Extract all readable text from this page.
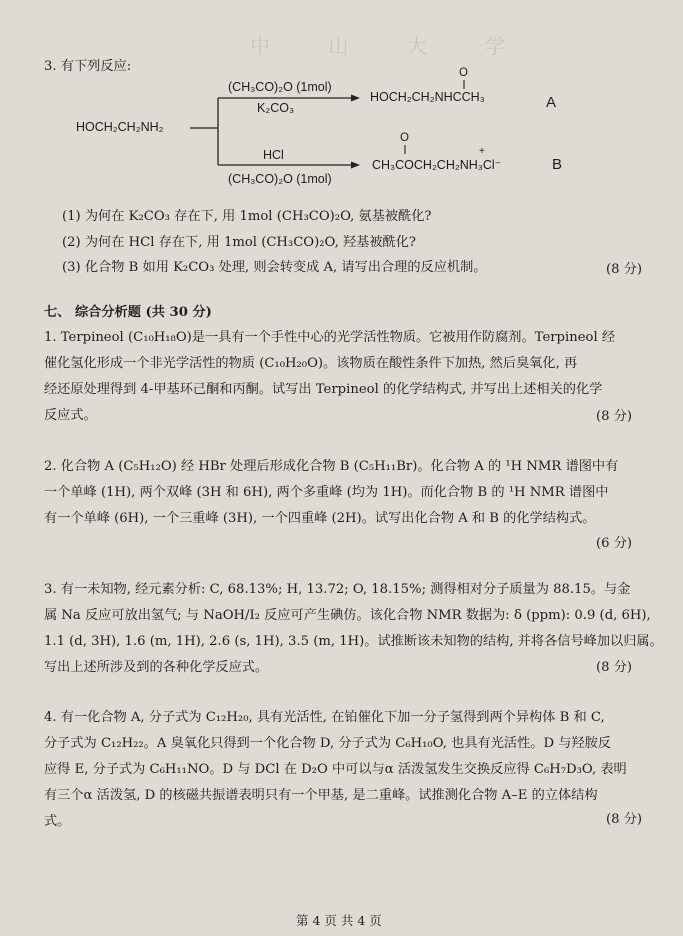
中 山 大 学
3. 有下列反应:
HOCH₂CH₂NH₂
(CH₃CO)₂O (1mol)
K₂CO₃
O
HOCH₂CH₂NHCCH₃	A
HCl
(CH₃CO)₂O (1mol)
O
+
CH₃COCH₂CH₂NH₃Cl⁻	B
(1) 为何在 K₂CO₃ 存在下, 用 1mol (CH₃CO)₂O, 氨基被酰化?
(2) 为何在 HCl 存在下, 用 1mol (CH₃CO)₂O, 羟基被酰化?
(3) 化合物 B 如用 K₂CO₃ 处理, 则会转变成 A, 请写出合理的反应机制。	(8 分)
七、 综合分析题 (共 30 分)
1. Terpineol (C₁₀H₁₈O)是一具有一个手性中心的光学活性物质。它被用作防腐剂。Terpineol 经
催化氢化形成一个非光学活性的物质 (C₁₀H₂₀O)。该物质在酸性条件下加热, 然后臭氧化, 再
经还原处理得到 4-甲基环己酮和丙酮。试写出 Terpineol 的化学结构式, 并写出上述相关的化学
反应式。	(8 分)
2. 化合物 A (C₅H₁₂O) 经 HBr 处理后形成化合物 B (C₅H₁₁Br)。化合物 A 的 ¹H NMR 谱图中有
一个单峰 (1H), 两个双峰 (3H 和 6H), 两个多重峰 (均为 1H)。而化合物 B 的 ¹H NMR 谱图中
有一个单峰 (6H), 一个三重峰 (3H), 一个四重峰 (2H)。试写出化合物 A 和 B 的化学结构式。
(6 分)
3. 有一未知物, 经元素分析: C, 68.13%; H, 13.72; O, 18.15%; 测得相对分子质量为 88.15。与金
属 Na 反应可放出氢气; 与 NaOH/I₂ 反应可产生碘仿。该化合物 NMR 数据为: δ (ppm): 0.9 (d, 6H),
1.1 (d, 3H), 1.6 (m, 1H), 2.6 (s, 1H), 3.5 (m, 1H)。试推断该未知物的结构, 并将各信号峰加以归属。
写出上述所涉及到的各种化学反应式。	(8 分)
4. 有一化合物 A, 分子式为 C₁₂H₂₀, 具有光活性, 在铂催化下加一分子氢得到两个异构体 B 和 C,
分子式为 C₁₂H₂₂。A 臭氧化只得到一个化合物 D, 分子式为 C₆H₁₀O, 也具有光活性。D 与羟胺反
应得 E, 分子式为 C₆H₁₁NO。D 与 DCl 在 D₂O 中可以与α 活泼氢发生交换反应得 C₆H₇D₃O, 表明
有三个α 活泼氢, D 的核磁共振谱表明只有一个甲基, 是二重峰。试推测化合物 A–E 的立体结构
式。	(8 分)
第 4 页 共 4 页
